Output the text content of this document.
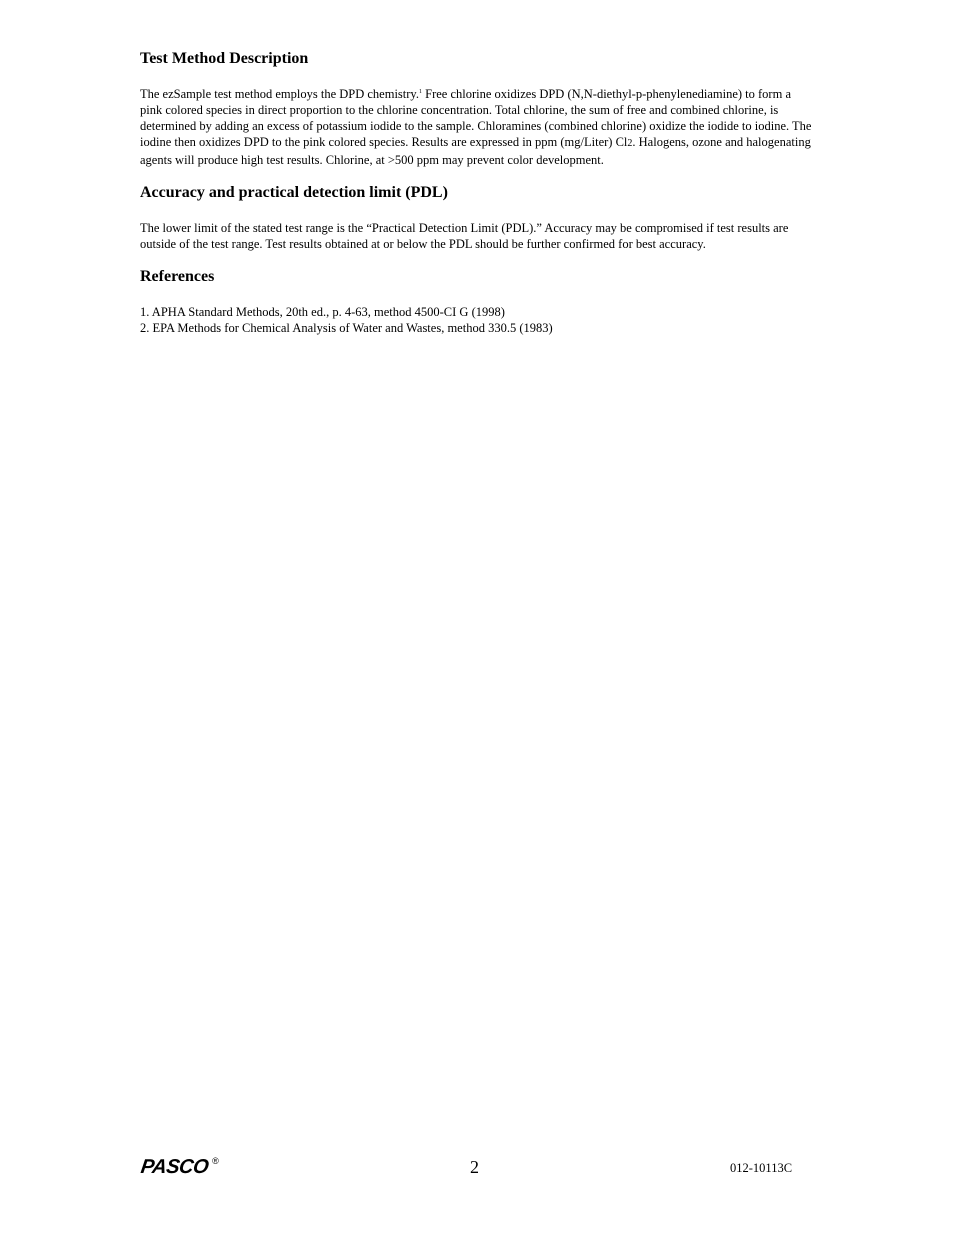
Test Method Description

The ezSample test method employs the DPD chemistry.$^1$ Free chlorine oxidizes DPD (N,N-diethyl-p-phenylenediamine) to form a pink colored species in direct proportion to the chlorine concentration. Total chlorine, the sum of free and combined chlorine, is determined by adding an excess of potassium iodide to the sample. Chloramines (combined chlorine) oxidize the iodide to iodine. The iodine then oxidizes DPD to the pink colored species. Results are expressed in ppm (mg/Liter) Cl2. Halogens, ozone and halogenating agents will produce high test results. Chlorine, at >500 ppm may prevent color development.

Accuracy and practical detection limit (PDL)

The lower limit of the stated test range is the “Practical Detection Limit (PDL).” Accuracy may be compromised if test results are outside of the test range. Test results obtained at or below the PDL should be further confirmed for best accuracy.

References

1. APHA Standard Methods, 20th ed., p. 4-63, method 4500-CI G (1998)

2. EPA Methods for Chemical Analysis of Water and Wastes, method 330.5 (1983)

PASCO ®	2	012-10113C
